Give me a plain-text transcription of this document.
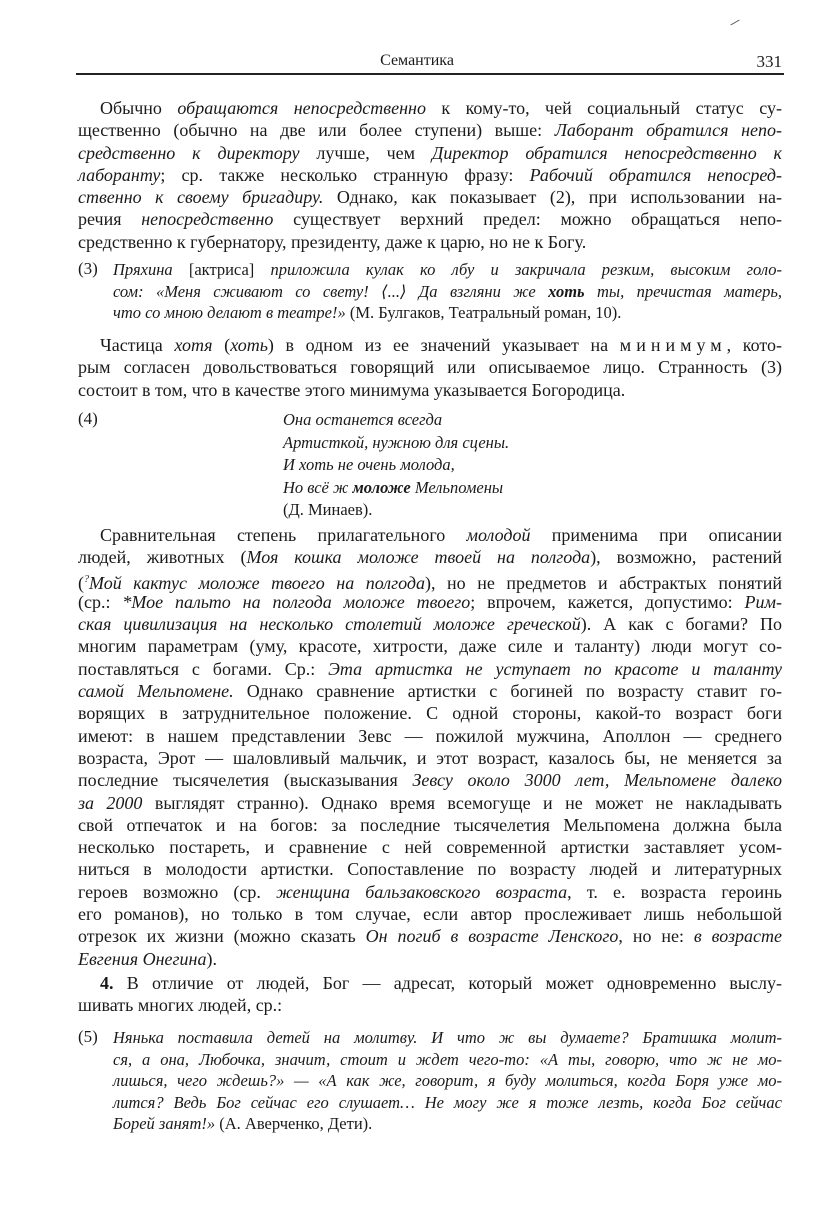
Семантика	331
Обычно обращаются непосредственно к кому-то, чей социальный статус су-
щественно (обычно на две или более ступени) выше: Лаборант обратился непо-
средственно к директору лучше, чем Директор обратился непосредственно к
лаборанту; ср. также несколько странную фразу: Рабочий обратился непосред-
ственно к своему бригадиру. Однако, как показывает (2), при использовании на-
речия непосредственно существует верхний предел: можно обращаться непо-
средственно к губернатору, президенту, даже к царю, но не к Богу.
(3) Пряхина [актриса] приложила кулак ко лбу и закричала резким, высоким голо-
сом: «Меня сживают со свету! ⟨...⟩ Да взгляни же хоть ты, пречистая матерь,
что со мною делают в театре!» (М. Булгаков, Театральный роман, 10).
Частица хотя (хоть) в одном из ее значений указывает на минимум, кото-
рым согласен довольствоваться говорящий или описываемое лицо. Странность (3)
состоит в том, что в качестве этого минимума указывается Богородица.
(4)	Она останется всегда
Артисткой, нужною для сцены.
И хоть не очень молода,
Но всё ж моложе Мельпомены
(Д. Минаев).
Сравнительная степень прилагательного молодой применима при описании
людей, животных (Моя кошка моложе твоей на полгода), возможно, растений
(?Мой кактус моложе твоего на полгода), но не предметов и абстрактых понятий
(ср.: *Мое пальто на полгода моложе твоего; впрочем, кажется, допустимо: Рим-
ская цивилизация на несколько столетий моложе греческой). А как с богами? По
многим параметрам (уму, красоте, хитрости, даже силе и таланту) люди могут со-
поставляться с богами. Ср.: Эта артистка не уступает по красоте и таланту
самой Мельпомене. Однако сравнение артистки с богиней по возрасту ставит го-
ворящих в затруднительное положение. С одной стороны, какой-то возраст боги
имеют: в нашем представлении Зевс — пожилой мужчина, Аполлон — среднего
возраста, Эрот — шаловливый мальчик, и этот возраст, казалось бы, не меняется за
последние тысячелетия (высказывания Зевсу около 3000 лет, Мельпомене далеко
за 2000 выглядят странно). Однако время всемогуще и не может не накладывать
свой отпечаток и на богов: за последние тысячелетия Мельпомена должна была
несколько постареть, и сравнение с ней современной артистки заставляет усом-
ниться в молодости артистки. Сопоставление по возрасту людей и литературных
героев возможно (ср. женщина бальзаковского возраста, т. е. возраста героинь
его романов), но только в том случае, если автор прослеживает лишь небольшой
отрезок их жизни (можно сказать Он погиб в возрасте Ленского, но не: в возрасте
Евгения Онегина).
4. В отличие от людей, Бог — адресат, который может одновременно выслу-
шивать многих людей, ср.:
(5) Нянька поставила детей на молитву. И что ж вы думаете? Братишка молит-
ся, а она, Любочка, значит, стоит и ждет чего-то: «А ты, говорю, что ж не мо-
лишься, чего ждешь?» — «А как же, говорит, я буду молиться, когда Боря уже мо-
лится? Ведь Бог сейчас его слушает… Не могу же я тоже лезть, когда Бог сейчас
Борей занят!» (А. Аверченко, Дети).
